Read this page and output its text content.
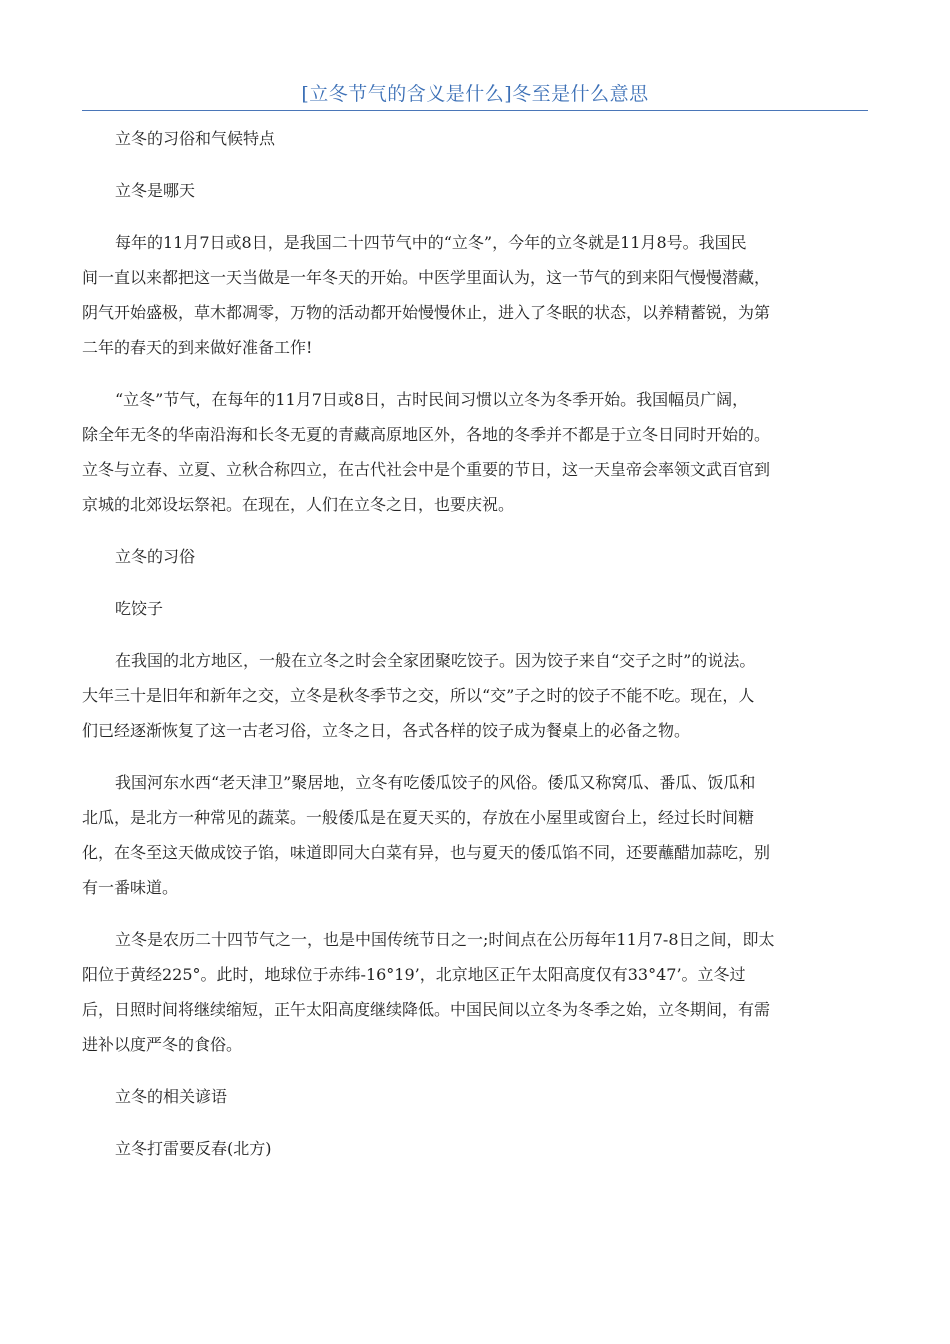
[立冬节气的含义是什么]冬至是什么意思

立冬的习俗和气候特点

立冬是哪天

每年的11月7日或8日，是我国二十四节气中的“立冬”，今年的立冬就是11月8号。我国民
间一直以来都把这一天当做是一年冬天的开始。中医学里面认为，这一节气的到来阳气慢慢潜藏，
阴气开始盛极，草木都凋零，万物的活动都开始慢慢休止，进入了冬眠的状态，以养精蓄锐，为第
二年的春天的到来做好准备工作!
“立冬”节气，在每年的11月7日或8日，古时民间习惯以立冬为冬季开始。我国幅员广阔，
除全年无冬的华南沿海和长冬无夏的青藏高原地区外，各地的冬季并不都是于立冬日同时开始的。
立冬与立春、立夏、立秋合称四立，在古代社会中是个重要的节日，这一天皇帝会率领文武百官到
京城的北郊设坛祭祀。在现在，人们在立冬之日，也要庆祝。

立冬的习俗

吃饺子

在我国的北方地区，一般在立冬之时会全家团聚吃饺子。因为饺子来自“交子之时”的说法。
大年三十是旧年和新年之交，立冬是秋冬季节之交，所以“交”子之时的饺子不能不吃。现在，人
们已经逐渐恢复了这一古老习俗，立冬之日，各式各样的饺子成为餐桌上的必备之物。
我国河东水西“老天津卫”聚居地，立冬有吃倭瓜饺子的风俗。倭瓜又称窝瓜、番瓜、饭瓜和
北瓜，是北方一种常见的蔬菜。一般倭瓜是在夏天买的，存放在小屋里或窗台上，经过长时间糖
化，在冬至这天做成饺子馅，味道即同大白菜有异，也与夏天的倭瓜馅不同，还要蘸醋加蒜吃，别
有一番味道。
立冬是农历二十四节气之一，也是中国传统节日之一;时间点在公历每年11月7-8日之间，即太
阳位于黄经225°。此时，地球位于赤纬-16°19’，北京地区正午太阳高度仅有33°47’。立冬过
后，日照时间将继续缩短，正午太阳高度继续降低。中国民间以立冬为冬季之始，立冬期间，有需
进补以度严冬的食俗。

立冬的相关谚语

立冬打雷要反春(北方)
